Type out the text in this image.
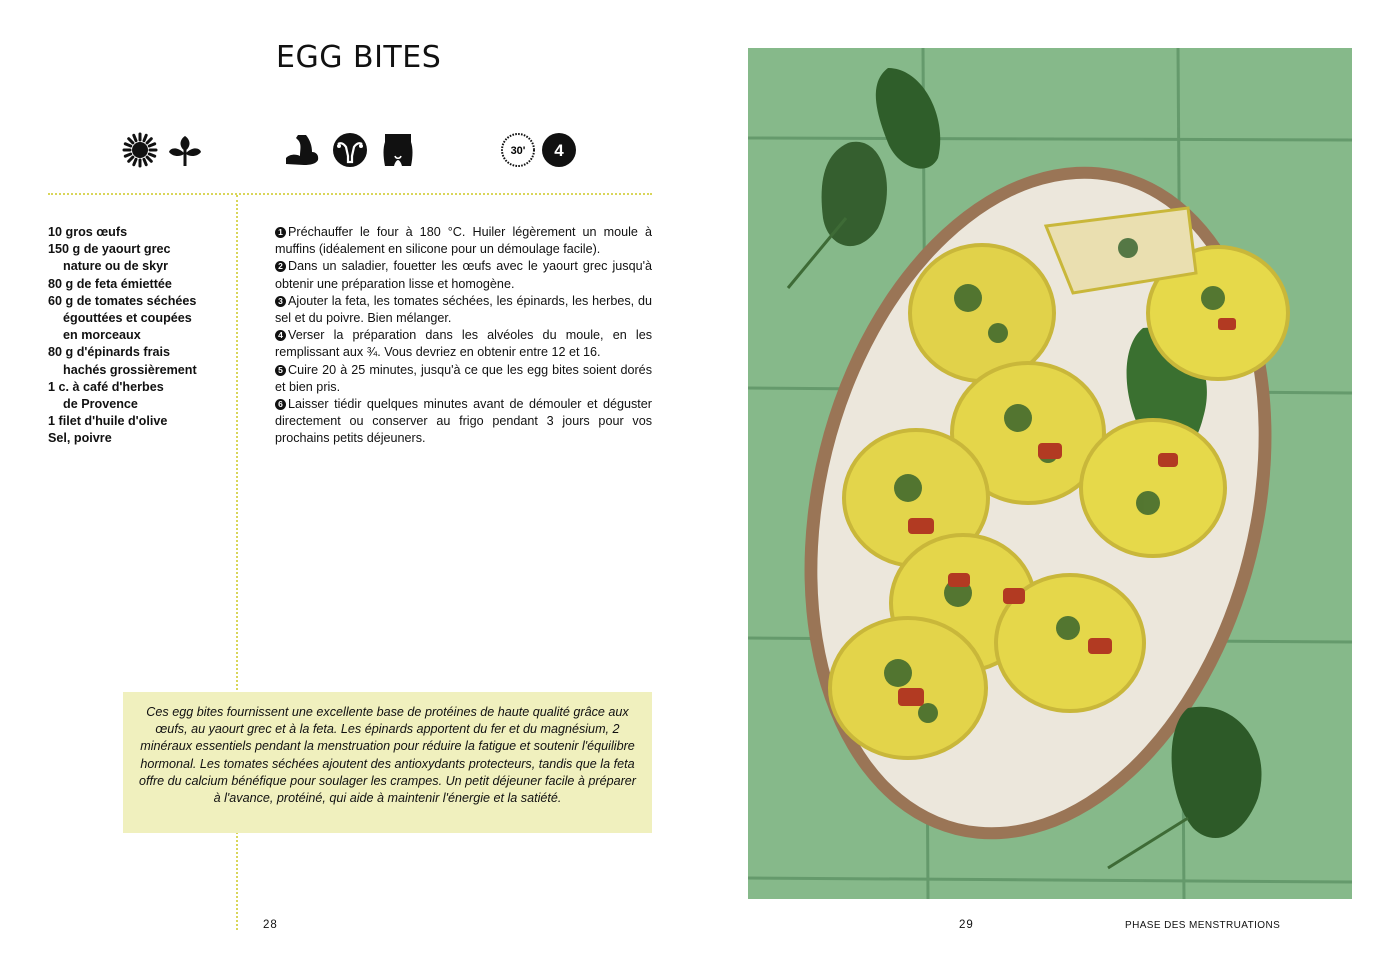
EGG BITES
30' 4
10 gros œufs
150 g de yaourt grec
nature ou de skyr
80 g de feta émiettée
60 g de tomates séchées
égouttées et coupées
en morceaux
80 g d'épinards frais
hachés grossièrement
1 c. à café d'herbes
de Provence
1 filet d'huile d'olive
Sel, poivre

1 Préchauffer le four à 180 °C. Huiler légèrement un moule à muffins (idéalement en silicone pour un démoulage facile).

2 Dans un saladier, fouetter les œufs avec le yaourt grec jusqu'à obtenir une préparation lisse et homogène.

3 Ajouter la feta, les tomates séchées, les épinards, les herbes, du sel et du poivre. Bien mélanger.

4 Verser la préparation dans les alvéoles du moule, en les remplissant aux ¾. Vous devriez en obtenir entre 12 et 16.

5 Cuire 20 à 25 minutes, jusqu'à ce que les egg bites soient dorés et bien pris.

6 Laisser tiédir quelques minutes avant de démouler et déguster directement ou conserver au frigo pendant 3 jours pour vos prochains petits déjeuners.

Ces egg bites fournissent une excellente base de protéines de haute qualité grâce aux œufs, au yaourt grec et à la feta. Les épinards apportent du fer et du magnésium, 2 minéraux essentiels pendant la menstruation pour réduire la fatigue et soutenir l'équilibre hormonal. Les tomates séchées ajoutent des antioxydants protecteurs, tandis que la feta offre du calcium bénéfique pour soulager les crampes. Un petit déjeuner facile à préparer à l'avance, protéiné, qui aide à maintenir l'énergie et la satiété.
28	29	PHASE DES MENSTRUATIONS
